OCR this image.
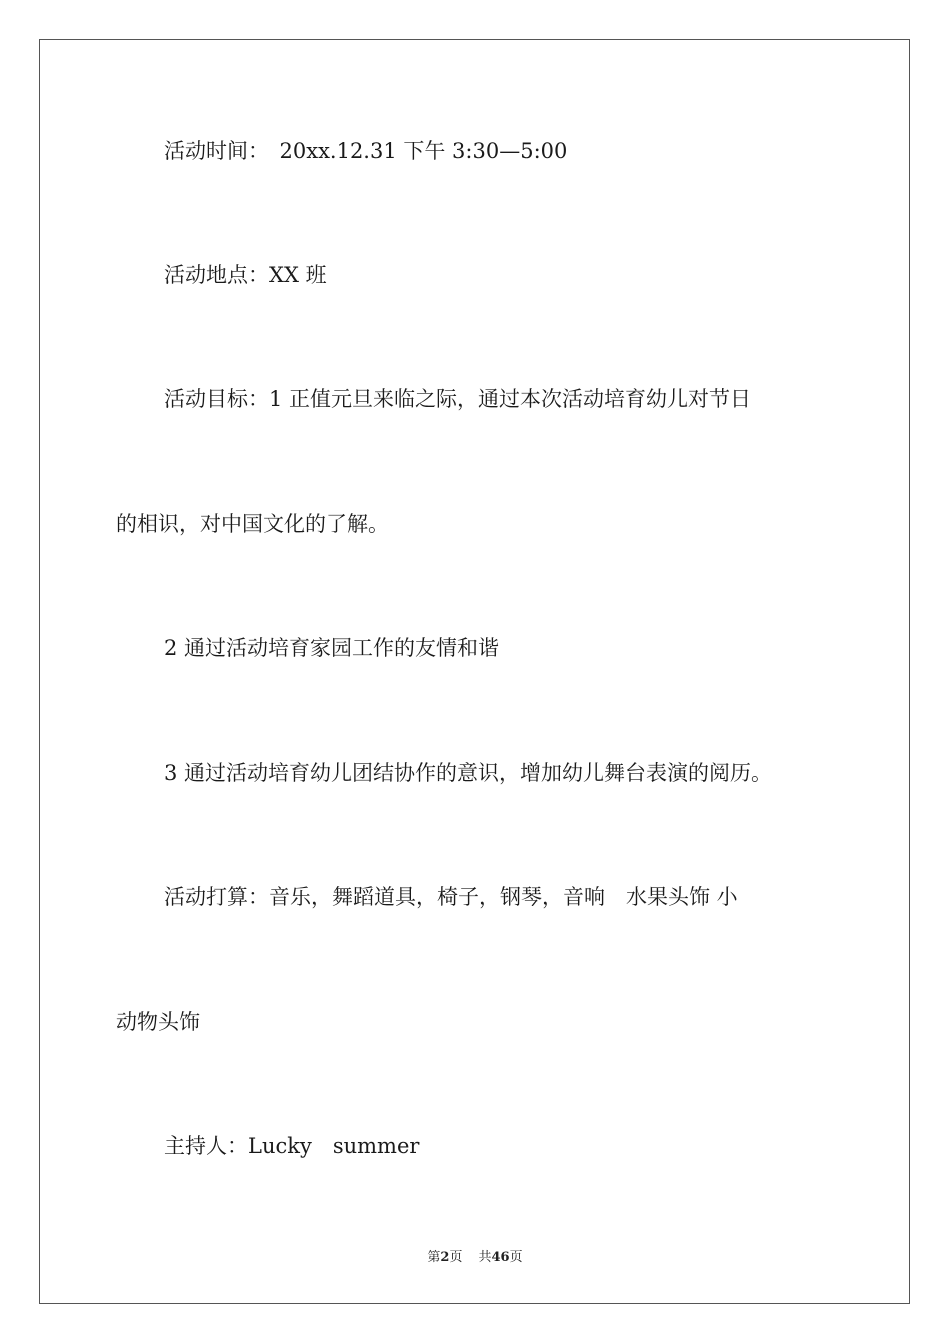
活动时间：　20xx.12.31 下午 3:30—5:00
活动地点：XX 班
活动目标：1 正值元旦来临之际，通过本次活动培育幼儿对节日
的相识，对中国文化的了解。
2 通过活动培育家园工作的友情和谐
3 通过活动培育幼儿团结协作的意识，增加幼儿舞台表演的阅历。
活动打算：音乐，舞蹈道具，椅子，钢琴，音响　水果头饰 小
动物头饰
主持人：Lucky　summer
第2页 共46页
